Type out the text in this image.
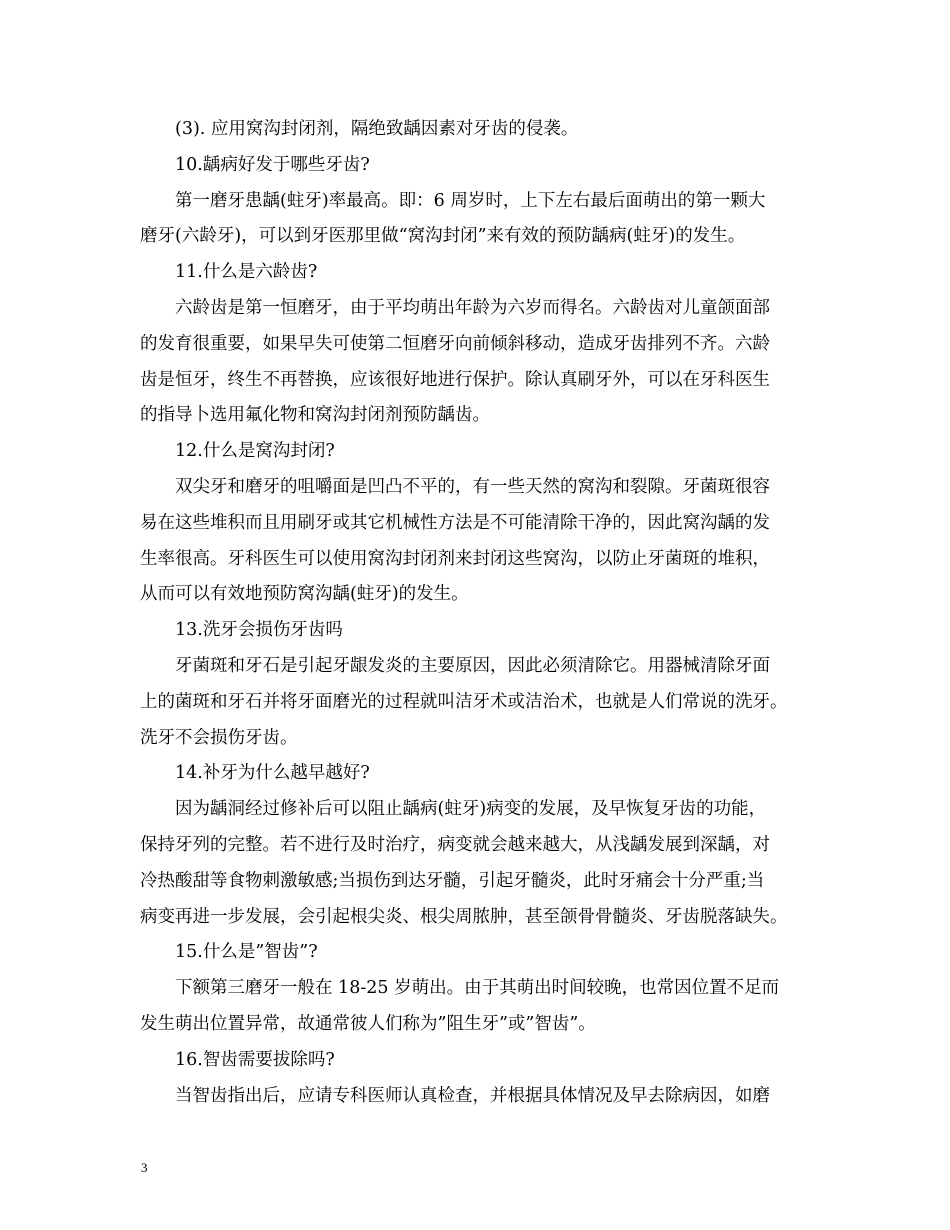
(3). 应用窝沟封闭剂，隔绝致龋因素对牙齿的侵袭。
10.龋病好发于哪些牙齿?
第一磨牙患龋(蛀牙)率最高。即：6 周岁时，上下左右最后面萌出的第一颗大
磨牙(六龄牙)，可以到牙医那里做“窝沟封闭”来有效的预防龋病(蛀牙)的发生。
11.什么是六龄齿?
六龄齿是第一恒磨牙，由于平均萌出年龄为六岁而得名。六龄齿对儿童颌面部
的发育很重要，如果早失可使第二恒磨牙向前倾斜移动，造成牙齿排列不齐。六龄
齿是恒牙，终生不再替换，应该很好地进行保护。除认真刷牙外，可以在牙科医生
的指导卜选用氟化物和窝沟封闭剂预防龋齿。
12.什么是窝沟封闭?
双尖牙和磨牙的咀嚼面是凹凸不平的，有一些天然的窝沟和裂隙。牙菌斑很容
易在这些堆积而且用刷牙或其它机械性方法是不可能清除干净的，因此窝沟龋的发
生率很高。牙科医生可以使用窝沟封闭剂来封闭这些窝沟，以防止牙菌斑的堆积，
从而可以有效地预防窝沟龋(蛀牙)的发生。
13.洗牙会损伤牙齿吗
牙菌斑和牙石是引起牙龈发炎的主要原因，因此必须清除它。用器械清除牙面
上的菌斑和牙石并将牙面磨光的过程就叫洁牙术或洁治术，也就是人们常说的洗牙。
洗牙不会损伤牙齿。
14.补牙为什么越早越好?
因为龋洞经过修补后可以阻止龋病(蛀牙)病变的发展，及早恢复牙齿的功能，
保持牙列的完整。若不进行及时治疗，病变就会越来越大，从浅龋发展到深龋，对
冷热酸甜等食物刺激敏感;当损伤到达牙髓，引起牙髓炎，此时牙痛会十分严重;当
病变再进一步发展，会引起根尖炎、根尖周脓肿，甚至颌骨骨髓炎、牙齿脱落缺失。
15.什么是”智齿”?
下额第三磨牙一般在 18-25 岁萌出。由于其萌出时间较晚，也常因位置不足而
发生萌出位置异常，故通常彼人们称为”阻生牙”或”智齿”。
16.智齿需要拔除吗?
当智齿指出后，应请专科医师认真检查，并根据具体情况及早去除病因，如磨
3
